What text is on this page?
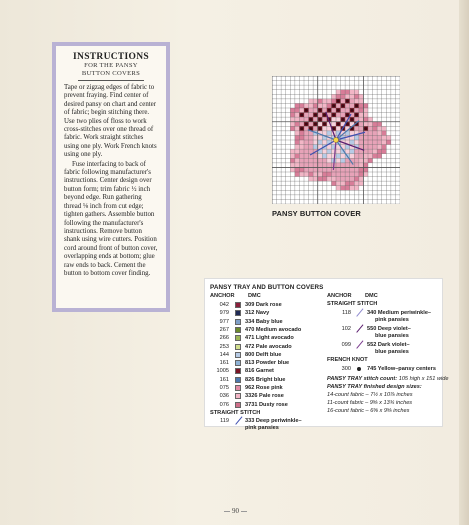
INSTRUCTIONS
FOR THE PANSY
BUTTON COVERS

Tape or zigzag edges of fabric to prevent fraying. Find center of desired pansy on chart and center of fabric; begin stitching there. Use two plies of floss to work cross-stitches over one thread of fabric. Work straight stitches using one ply. Work French knots using one ply.

Fuse interfacing to back of fabric following manufacturer's instructions. Center design over button form; trim fabric ½ inch beyond edge. Run gathering thread ⅛ inch from cut edge; tighten gathers. Assemble button following the manufacturer's instructions. Remove button shank using wire cutters. Position cord around front of button cover, overlapping ends at bottom; glue raw ends to back. Cement the button to bottom cover finding.

PANSY BUTTON COVER
PANSY TRAY AND BUTTON COVERS
ANCHOR DMC
042	309 Dark rose
979	312 Navy
977	334 Baby blue
267	470 Medium avocado
266	471 Light avocado
253	472 Pale avocado
144	800 Delft blue
161	813 Powder blue
1005	816 Garnet
161	826 Bright blue
075	962 Rose pink
036	3326 Pale rose
076	3731 Dusty rose
STRAIGHT STITCH
119	333 Deep periwinkle–
pink pansies
ANCHOR DMC
STRAIGHT STITCH
118	340 Medium periwinkle–
pink pansies
102	550 Deep violet–
blue pansies
099	552 Dark violet–
blue pansies
FRENCH KNOT
300	745 Yellow–pansy centers
PANSY TRAY stitch count: 105 high x 151 wide
PANSY TRAY finished design sizes:
14-count fabric – 7½ x 10⅞ inches
11-count fabric – 9⅝ x 13¾ inches
16-count fabric – 6⅝ x 9⅝ inches
90
